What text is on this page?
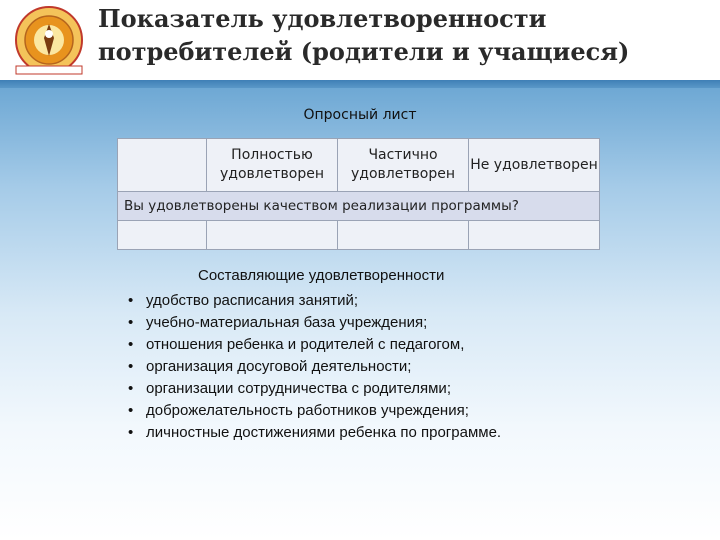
Показатель удовлетворенности
потребителей (родители и учащиеся)
Опросный лист
	Полностью удовлетворен	Частично удовлетворен	Не удовлетворен
Вы удовлетворены качеством реализации программы?			

Составляющие удовлетворенности
• удобство расписания занятий;
• учебно-материальная база учреждения;
• отношения ребенка и родителей с педагогом,
• организация досуговой деятельности;
• организации сотрудничества с родителями;
• доброжелательность работников учреждения;
• личностные достижениями ребенка по программе.
